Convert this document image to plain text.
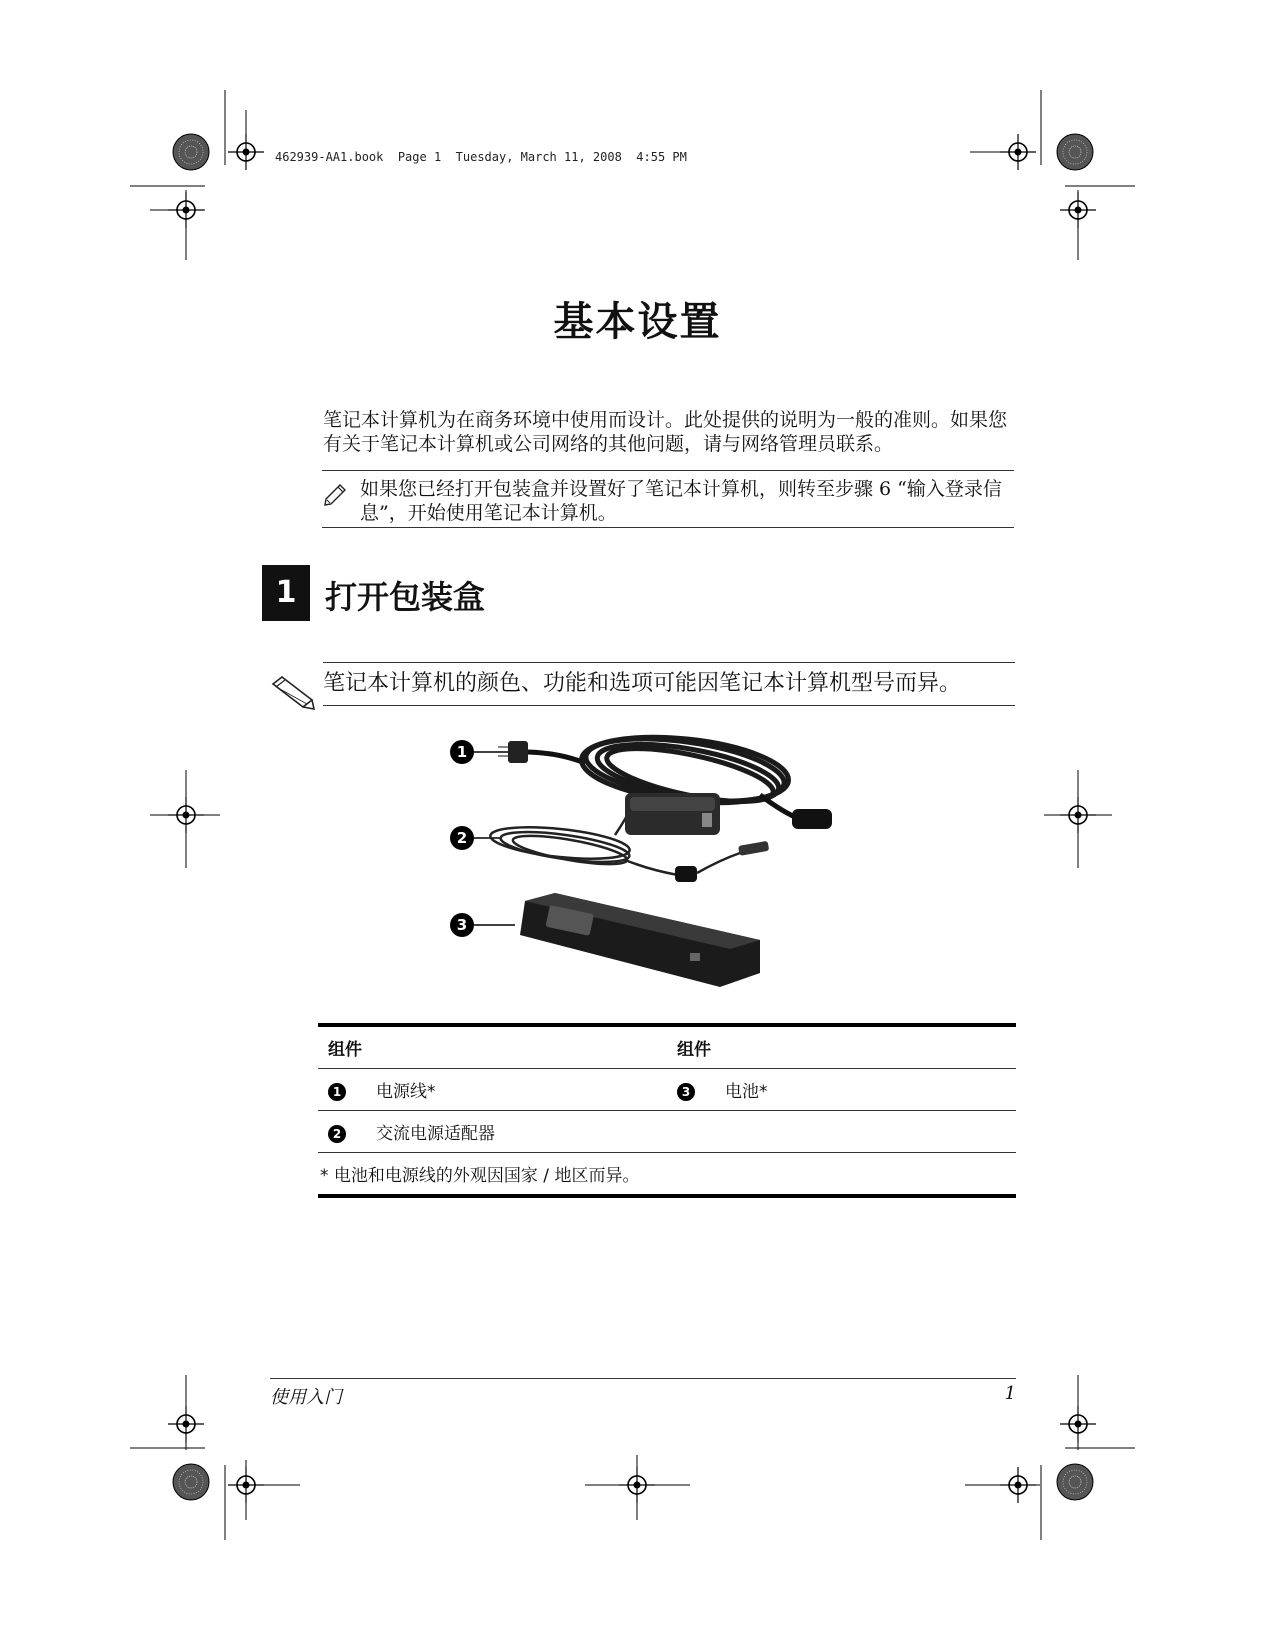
462939-AA1.book Page 1 Tuesday, March 11, 2008 4:55 PM
基本设置
笔记本计算机为在商务环境中使用而设计。此处提供的说明为一般的准则。如果您有关于笔记本计算机或公司网络的其他问题，请与网络管理员联系。
如果您已经打开包装盒并设置好了笔记本计算机，则转至步骤 6 “输入登录信息”，开始使用笔记本计算机。
1 打开包装盒
笔记本计算机的颜色、功能和选项可能因笔记本计算机型号而异。
1
2
3
组件	组件
1 电源线*	3 电池*
2 交流电源适配器	
* 电池和电源线的外观因国家 / 地区而异。	
使用入门	1
